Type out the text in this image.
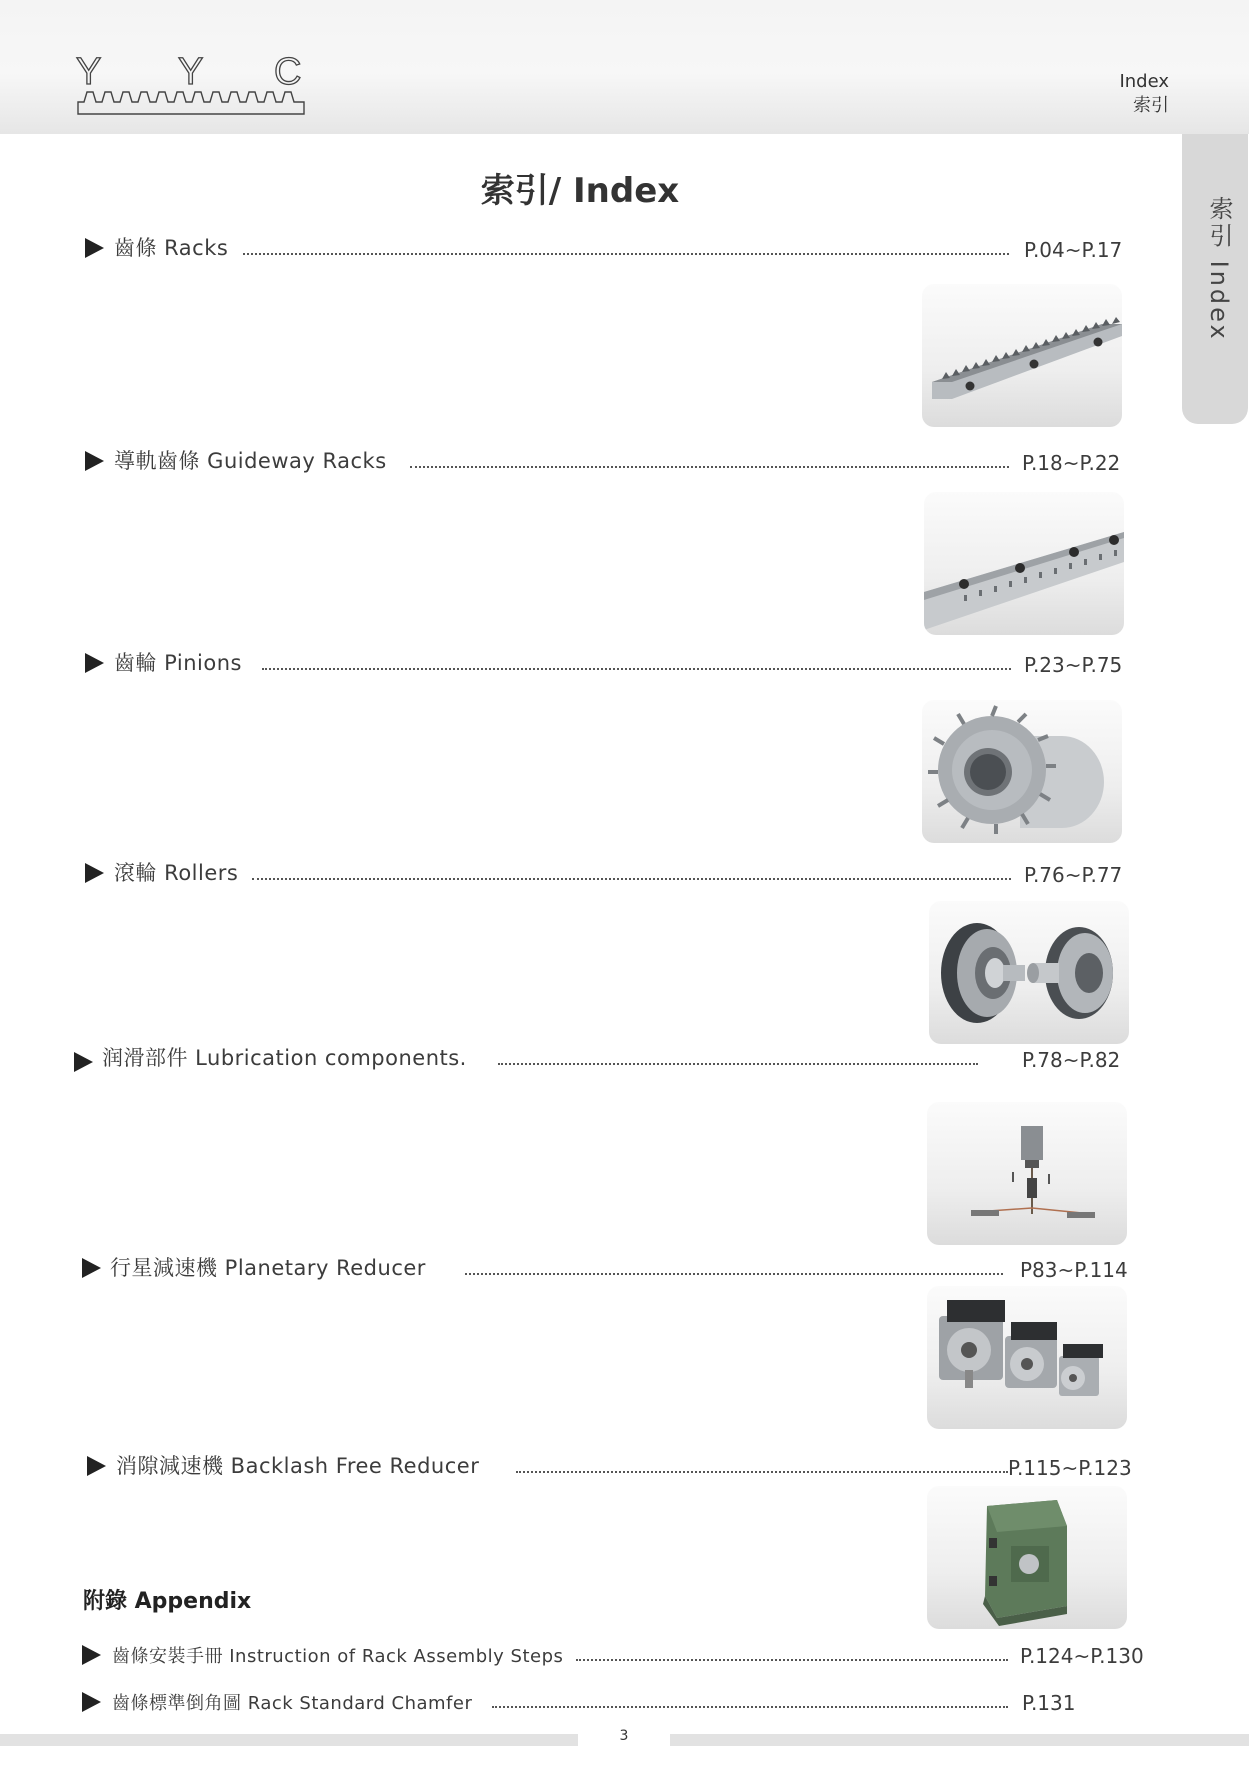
Y Y C	Index
索引
索引 Index
索引/ Index
齒條 Racks	P.04~P.17
導軌齒條 Guideway Racks	P.18~P.22
齒輪 Pinions	P.23~P.75
滾輪 Rollers	P.76~P.77
润滑部件 Lubrication components.	P.78~P.82
行星減速機 Planetary Reducer	P83~P.114
消隙減速機 Backlash Free Reducer	P.115~P.123
附錄 Appendix
齒條安裝手冊 Instruction of Rack Assembly Steps	P.124~P.130
齒條標準倒角圖 Rack Standard Chamfer	P.131
3
